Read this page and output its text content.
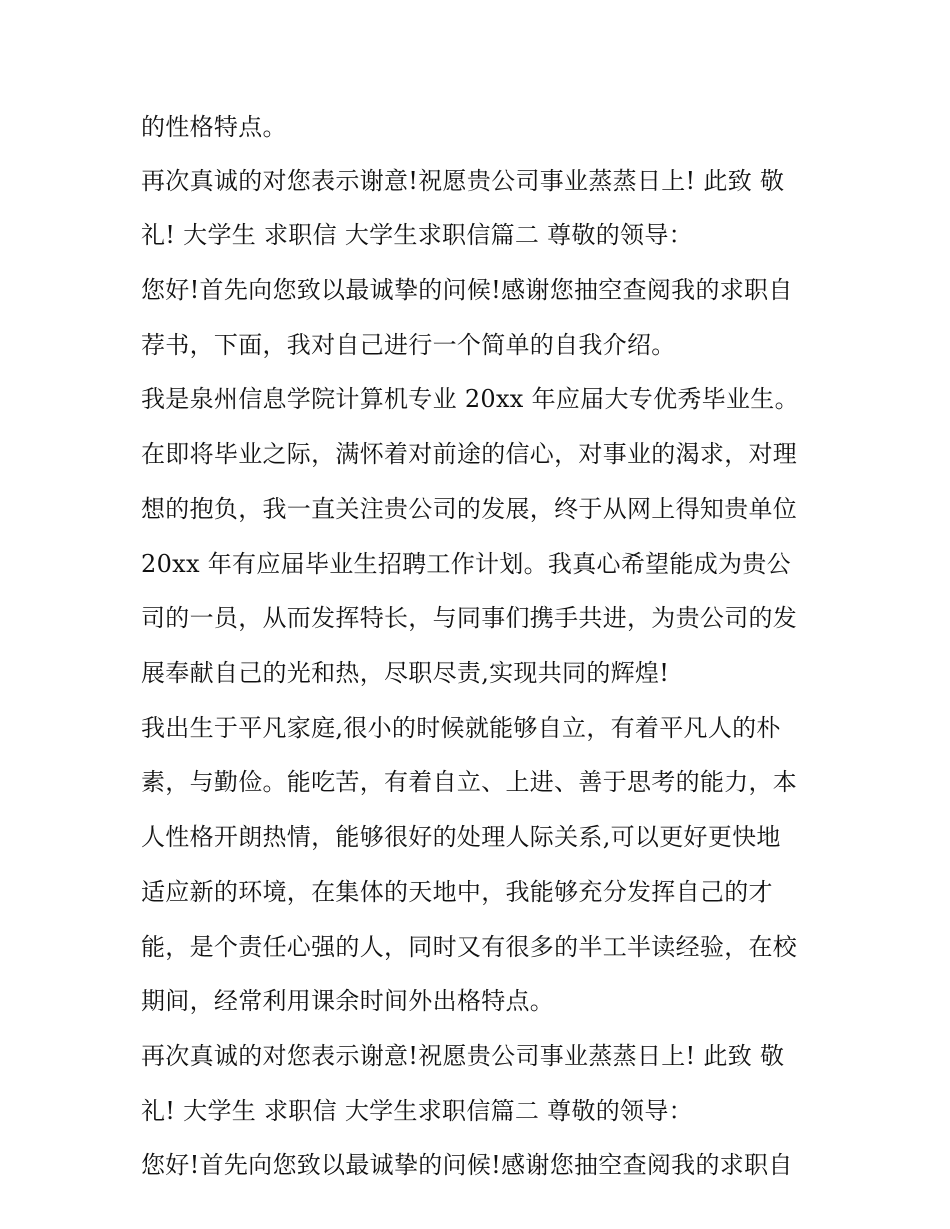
的性格特点。
再次真诚的对您表示谢意!祝愿贵公司事业蒸蒸日上! 此致 敬
礼! 大学生 求职信 大学生求职信篇二 尊敬的领导：
您好!首先向您致以最诚挚的问候!感谢您抽空查阅我的求职自
荐书，下面，我对自己进行一个简单的自我介绍。
我是泉州信息学院计算机专业 20xx 年应届大专优秀毕业生。
在即将毕业之际，满怀着对前途的信心，对事业的渴求，对理
想的抱负，我一直关注贵公司的发展，终于从网上得知贵单位
20xx 年有应届毕业生招聘工作计划。我真心希望能成为贵公
司的一员，从而发挥特长，与同事们携手共进，为贵公司的发
展奉献自己的光和热，尽职尽责,实现共同的辉煌!
我出生于平凡家庭,很小的时候就能够自立，有着平凡人的朴
素，与勤俭。能吃苦，有着自立、上进、善于思考的能力，本
人性格开朗热情，能够很好的处理人际关系,可以更好更快地
适应新的环境，在集体的天地中，我能够充分发挥自己的才
能，是个责任心强的人，同时又有很多的半工半读经验，在校
期间，经常利用课余时间外出格特点。
再次真诚的对您表示谢意!祝愿贵公司事业蒸蒸日上! 此致 敬
礼! 大学生 求职信 大学生求职信篇二 尊敬的领导：
您好!首先向您致以最诚挚的问候!感谢您抽空查阅我的求职自
